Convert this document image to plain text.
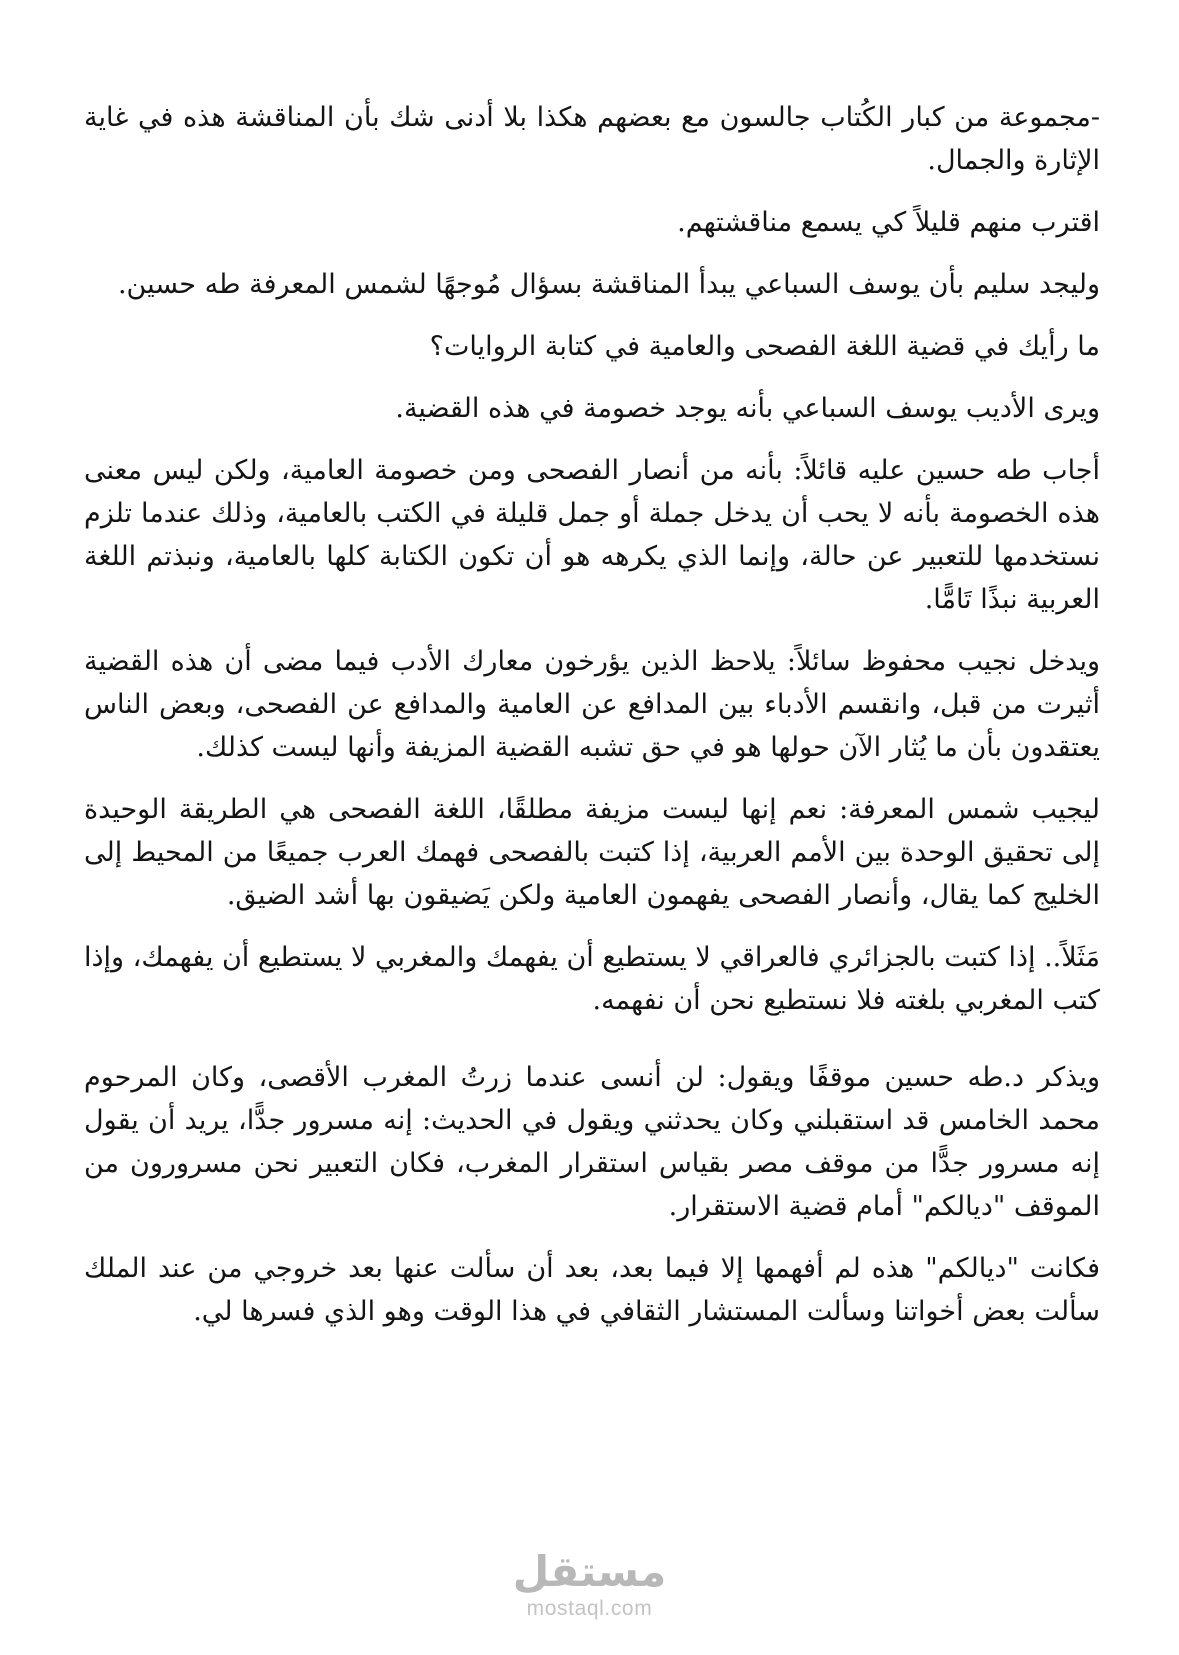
-مجموعة من كبار الكُتاب جالسون مع بعضهم هكذا بلا أدنى شك بأن المناقشة هذه في غاية الإثارة والجمال.

اقترب منهم قليلاً كي يسمع مناقشتهم.

وليجد سليم بأن يوسف السباعي يبدأ المناقشة بسؤال مُوجهًا لشمس المعرفة طه حسين.

ما رأيك في قضية اللغة الفصحى والعامية في كتابة الروايات؟

ويرى الأديب يوسف السباعي بأنه يوجد خصومة في هذه القضية.

أجاب طه حسين عليه قائلاً: بأنه من أنصار الفصحى ومن خصومة العامية، ولكن ليس معنى هذه الخصومة بأنه لا يحب أن يدخل جملة أو جمل قليلة في الكتب بالعامية، وذلك عندما تلزم نستخدمها للتعبير عن حالة، وإنما الذي يكرهه هو أن تكون الكتابة كلها بالعامية، ونبذتم اللغة العربية نبذًا تَامًّا.

ويدخل نجيب محفوظ سائلاً: يلاحظ الذين يؤرخون معارك الأدب فيما مضى أن هذه القضية أثيرت من قبل، وانقسم الأدباء بين المدافع عن العامية والمدافع عن الفصحى، وبعض الناس يعتقدون بأن ما يُثار الآن حولها هو في حق تشبه القضية المزيفة وأنها ليست كذلك.

ليجيب شمس المعرفة: نعم إنها ليست مزيفة مطلقًا، اللغة الفصحى هي الطريقة الوحيدة إلى تحقيق الوحدة بين الأمم العربية، إذا كتبت بالفصحى فهمك العرب جميعًا من المحيط إلى الخليج كما يقال، وأنصار الفصحى يفهمون العامية ولكن يَضيقون بها أشد الضيق.

مَثَلاً.. إذا كتبت بالجزائري فالعراقي لا يستطيع أن يفهمك والمغربي لا يستطيع أن يفهمك، وإذا كتب المغربي بلغته فلا نستطيع نحن أن نفهمه.

ويذكر د.طه حسين موقفًا ويقول: لن أنسى عندما زرتُ المغرب الأقصى، وكان المرحوم محمد الخامس قد استقبلني وكان يحدثني ويقول في الحديث: إنه مسرور جدًّا، يريد أن يقول إنه مسرور جدًّا من موقف مصر بقياس استقرار المغرب، فكان التعبير نحن مسرورون من الموقف "ديالكم" أمام قضية الاستقرار.

فكانت "ديالكم" هذه لم أفهمها إلا فيما بعد، بعد أن سألت عنها بعد خروجي من عند الملك سألت بعض أخواتنا وسألت المستشار الثقافي في هذا الوقت وهو الذي فسرها لي.

مستقل
mostaql.com
